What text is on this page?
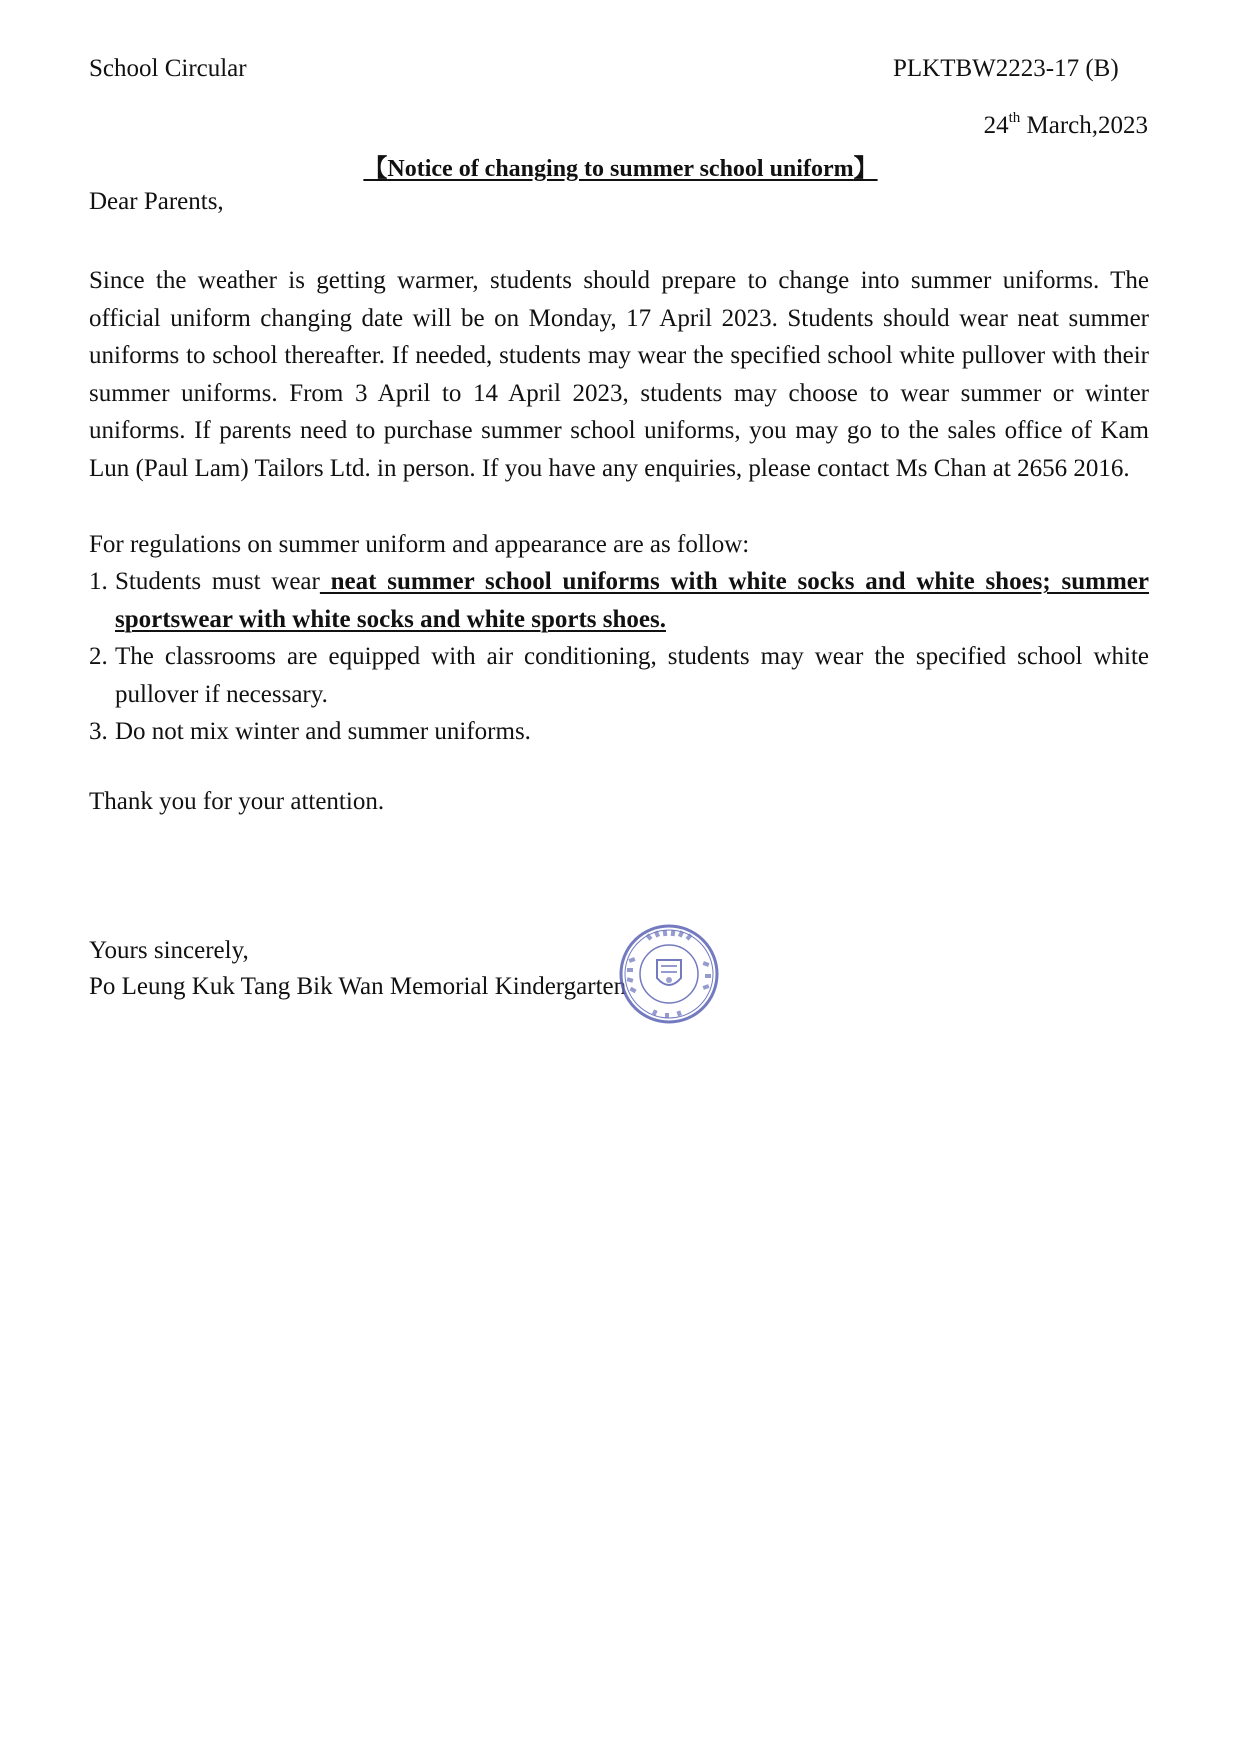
School Circular	PLKTBW2223-17 (B)
24th March,2023
【Notice of changing to summer school uniform】
Dear Parents,
Since the weather is getting warmer, students should prepare to change into summer uniforms. The official uniform changing date will be on Monday, 17 April 2023. Students should wear neat summer uniforms to school thereafter. If needed, students may wear the specified school white pullover with their summer uniforms. From 3 April to 14 April 2023, students may choose to wear summer or winter uniforms. If parents need to purchase summer school uniforms, you may go to the sales office of Kam Lun (Paul Lam) Tailors Ltd. in person. If you have any enquiries, please contact Ms Chan at 2656 2016.
For regulations on summer uniform and appearance are as follow:
1. Students must wear neat summer school uniforms with white socks and white shoes; summer sportswear with white socks and white sports shoes.
2. The classrooms are equipped with air conditioning, students may wear the specified school white pullover if necessary.
3. Do not mix winter and summer uniforms.
Thank you for your attention.
Yours sincerely,
Po Leung Kuk Tang Bik Wan Memorial Kindergarten
